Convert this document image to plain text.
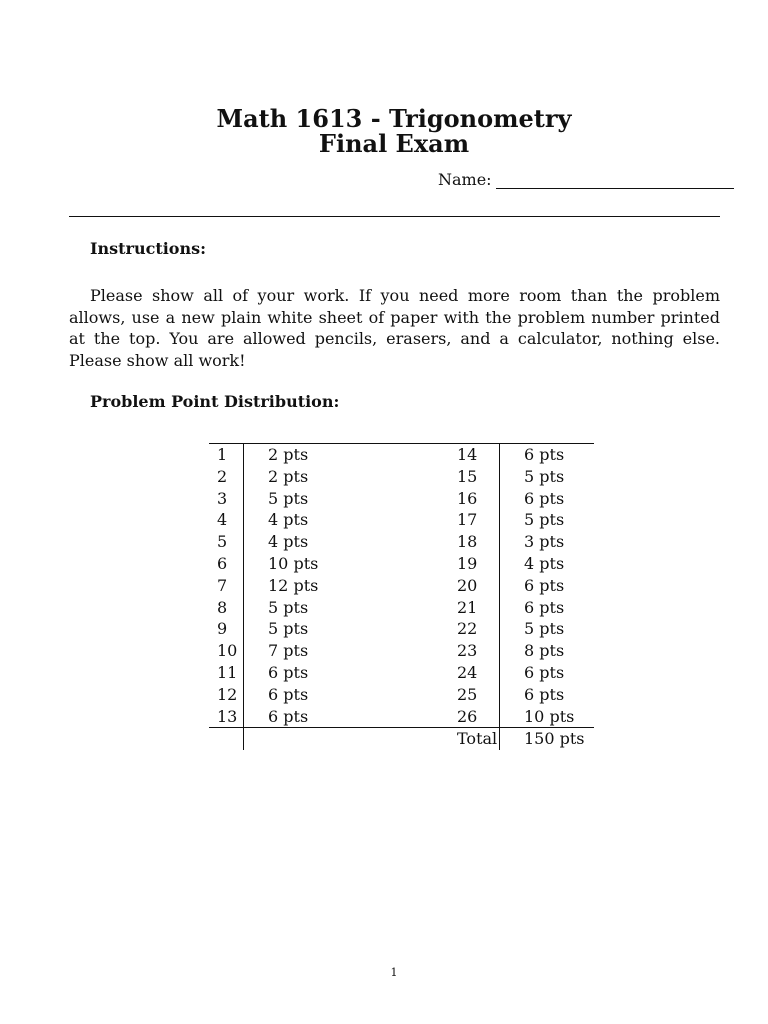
Math 1613 - Trigonometry
Final Exam
Name:
Instructions:

Please show all of your work. If you need more room than the problem allows, use a new plain white sheet of paper with the problem number printed at the top. You are allowed pencils, erasers, and a calculator, nothing else. Please show all work!

Problem Point Distribution:
1	2 pts	14	6 pts
2	2 pts	15	5 pts
3	5 pts	16	6 pts
4	4 pts	17	5 pts
5	4 pts	18	3 pts
6	10 pts	19	4 pts
7	12 pts	20	6 pts
8	5 pts	21	6 pts
9	5 pts	22	5 pts
10	7 pts	23	8 pts
11	6 pts	24	6 pts
12	6 pts	25	6 pts
13	6 pts	26	10 pts
		Total	150 pts
1
